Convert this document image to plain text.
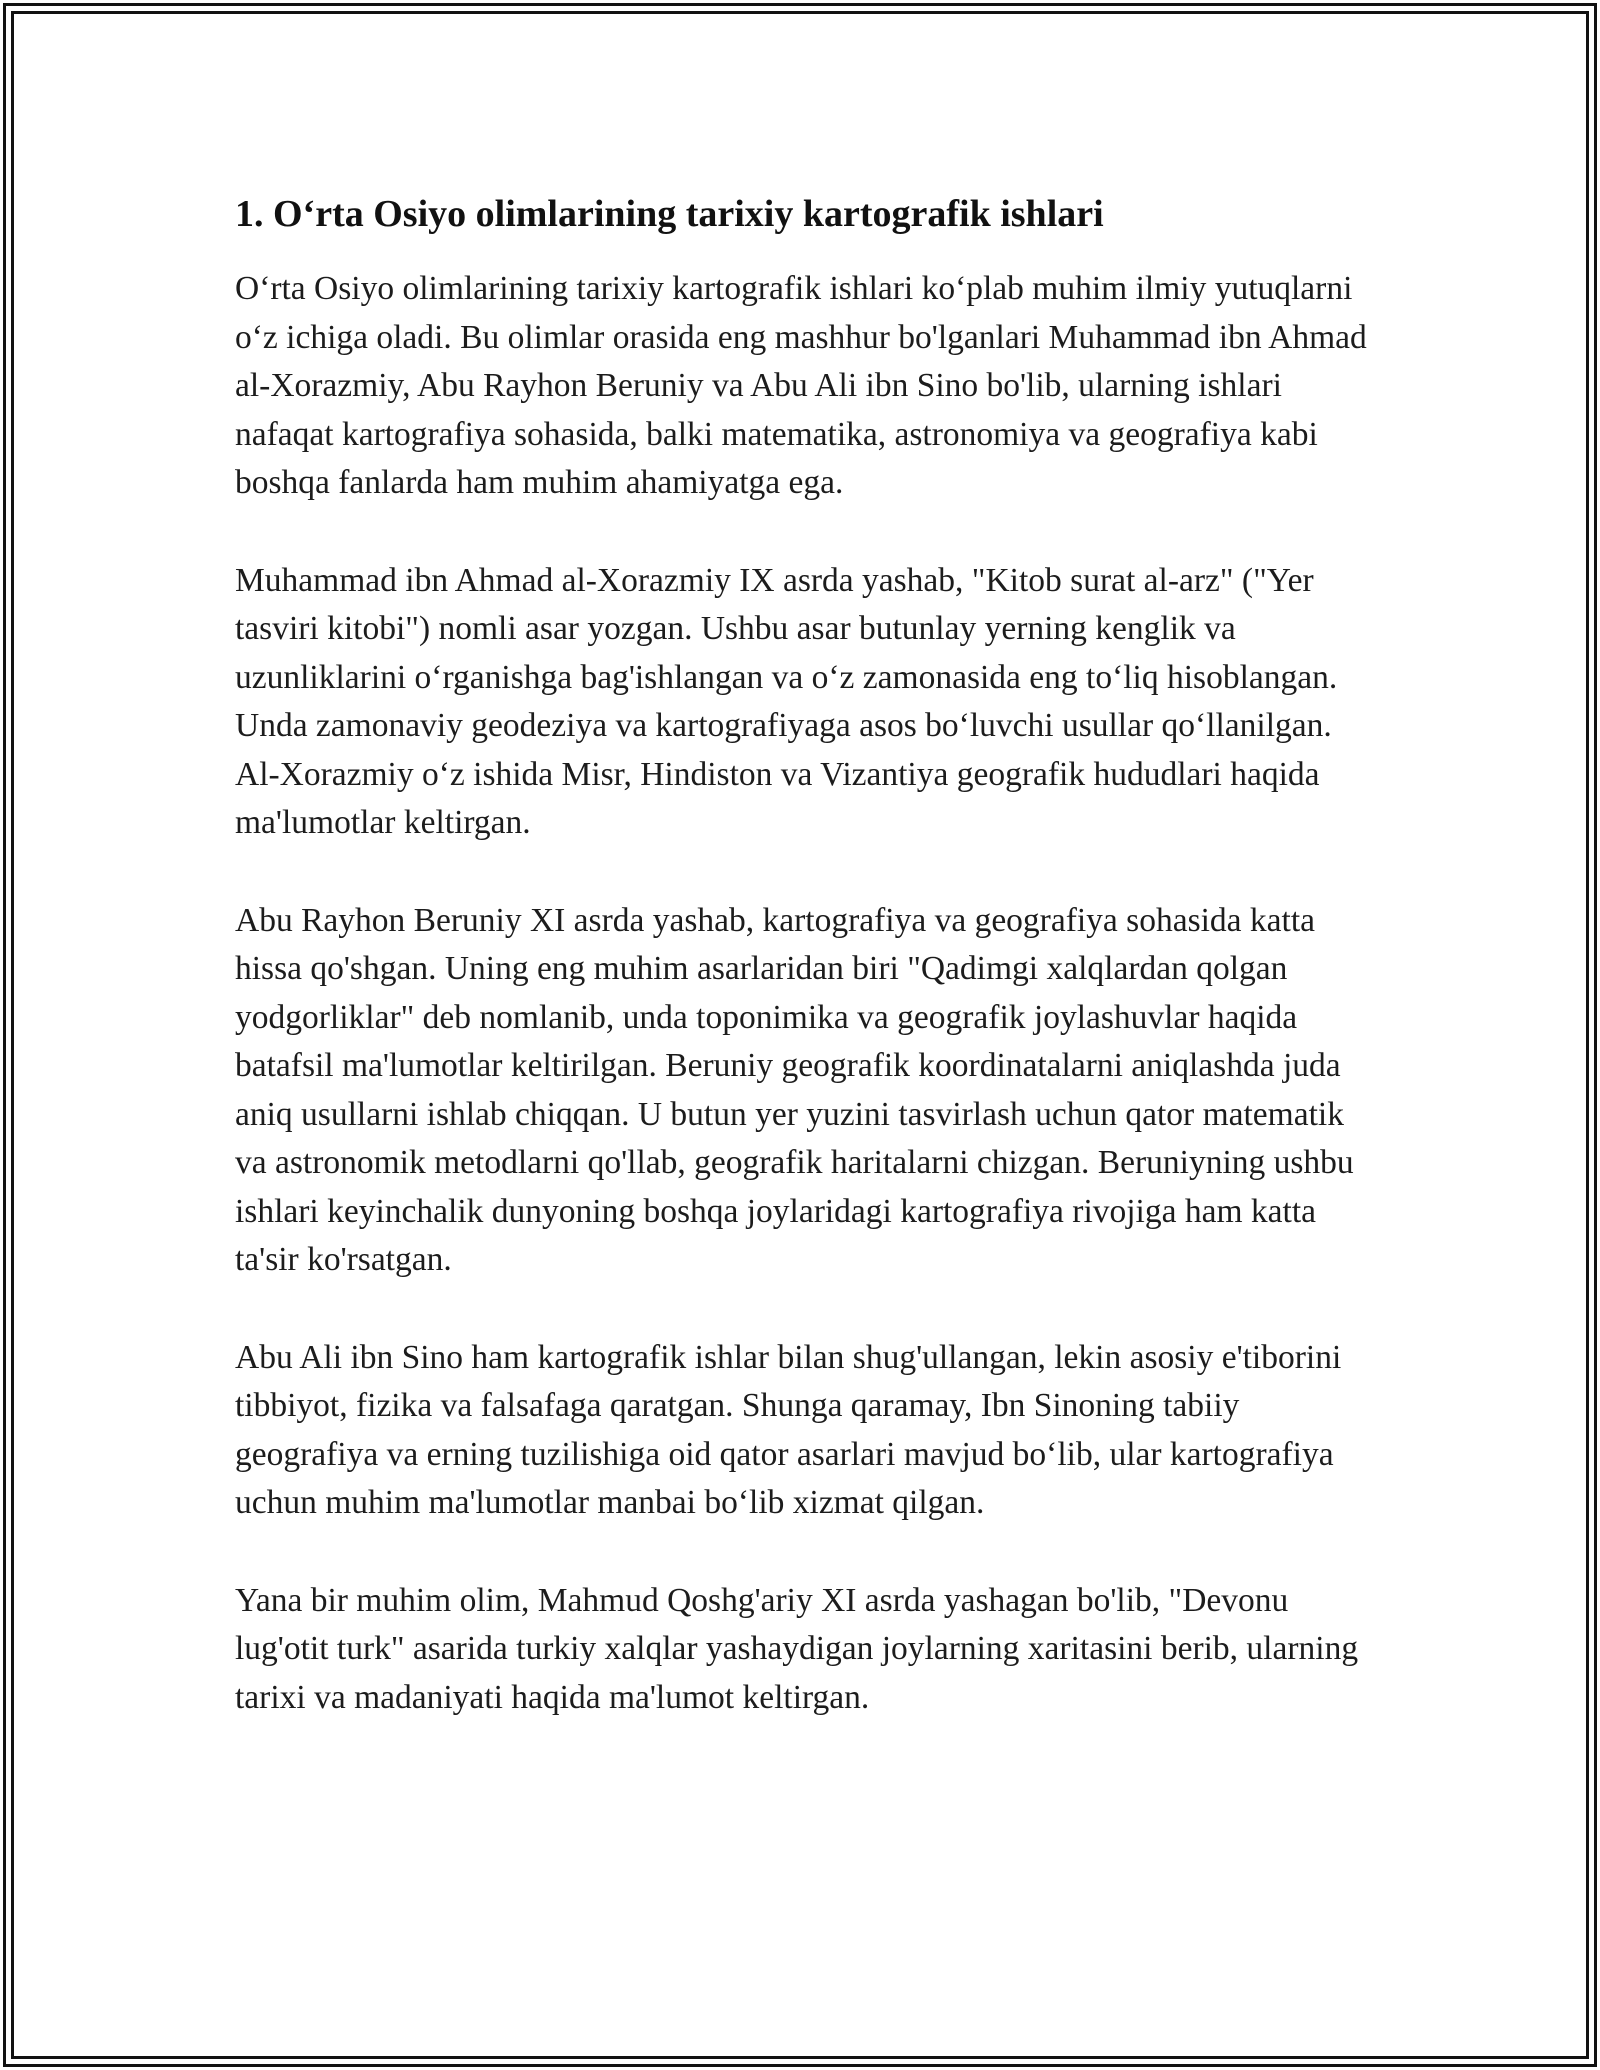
1. O‘rta Osiyo olimlarining tarixiy kartografik ishlari

O‘rta Osiyo olimlarining tarixiy kartografik ishlari ko‘plab muhim ilmiy yutuqlarni o‘z ichiga oladi. Bu olimlar orasida eng mashhur bo'lganlari Muhammad ibn Ahmad al-Xorazmiy, Abu Rayhon Beruniy va Abu Ali ibn Sino bo'lib, ularning ishlari nafaqat kartografiya sohasida, balki matematika, astronomiya va geografiya kabi boshqa fanlarda ham muhim ahamiyatga ega.

Muhammad ibn Ahmad al-Xorazmiy IX asrda yashab, "Kitob surat al-arz" ("Yer tasviri kitobi") nomli asar yozgan. Ushbu asar butunlay yerning kenglik va uzunliklarini o‘rganishga bag'ishlangan va o‘z zamonasida eng to‘liq hisoblangan. Unda zamonaviy geodeziya va kartografiyaga asos bo‘luvchi usullar qo‘llanilgan. Al-Xorazmiy o‘z ishida Misr, Hindiston va Vizantiya geografik hududlari haqida ma'lumotlar keltirgan.

Abu Rayhon Beruniy XI asrda yashab, kartografiya va geografiya sohasida katta hissa qo'shgan. Uning eng muhim asarlaridan biri "Qadimgi xalqlardan qolgan yodgorliklar" deb nomlanib, unda toponimika va geografik joylashuvlar haqida batafsil ma'lumotlar keltirilgan. Beruniy geografik koordinatalarni aniqlashda juda aniq usullarni ishlab chiqqan. U butun yer yuzini tasvirlash uchun qator matematik va astronomik metodlarni qo'llab, geografik haritalarni chizgan. Beruniyning ushbu ishlari keyinchalik dunyoning boshqa joylaridagi kartografiya rivojiga ham katta ta'sir ko'rsatgan.

Abu Ali ibn Sino ham kartografik ishlar bilan shug'ullangan, lekin asosiy e'tiborini tibbiyot, fizika va falsafaga qaratgan. Shunga qaramay, Ibn Sinoning tabiiy geografiya va erning tuzilishiga oid qator asarlari mavjud bo‘lib, ular kartografiya uchun muhim ma'lumotlar manbai bo‘lib xizmat qilgan.

Yana bir muhim olim, Mahmud Qoshg'ariy XI asrda yashagan bo'lib, "Devonu lug'otit turk" asarida turkiy xalqlar yashaydigan joylarning xaritasini berib, ularning tarixi va madaniyati haqida ma'lumot keltirgan.
